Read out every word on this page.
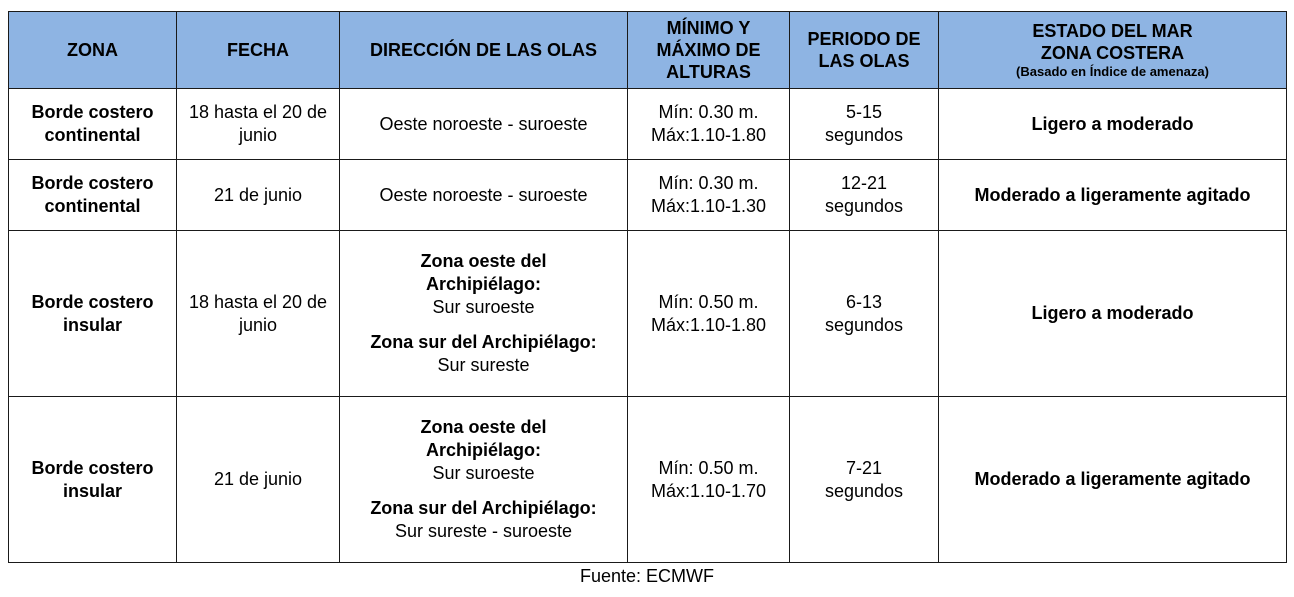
ZONA	FECHA	DIRECCIÓN DE LAS OLAS	MÍNIMO Y
MÁXIMO DE
ALTURAS	PERIODO DE
LAS OLAS	ESTADO DEL MAR
ZONA COSTERA
(Basado en Índice de amenaza)

Borde costero
continental	18 hasta el 20 de
junio	Oeste noroeste - suroeste	Mín: 0.30 m.
Máx:1.10-1.80	5-15
segundos	Ligero a moderado

Borde costero
continental	21 de junio	Oeste noroeste - suroeste	Mín: 0.30 m.
Máx:1.10-1.30	12-21
segundos	Moderado a ligeramente agitado

Borde costero
insular	18 hasta el 20 de
junio	Zona oeste del
Archipiélago:
Sur suroeste
Zona sur del Archipiélago:
Sur sureste	Mín: 0.50 m.
Máx:1.10-1.80	6-13
segundos	Ligero a moderado

Borde costero
insular	21 de junio	Zona oeste del
Archipiélago:
Sur suroeste
Zona sur del Archipiélago:
Sur sureste - suroeste	Mín: 0.50 m.
Máx:1.10-1.70	7-21
segundos	Moderado a ligeramente agitado
Fuente: ECMWF
